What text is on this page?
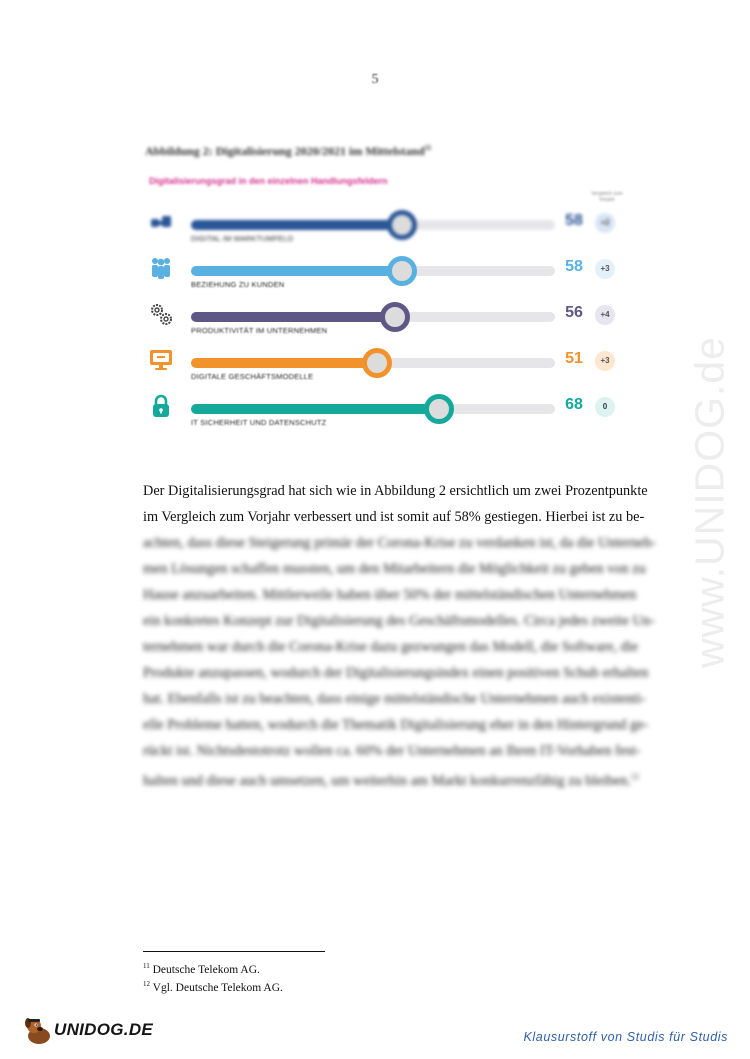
5
Abbildung 2: Digitalisierung 2020/2021 im Mittelstand$^{11}$
Digitalisierungsgrad in den einzelnen Handlungsfeldern
Vergleich zum Vorjahr
DIGITAL IM MARKTUMFELD
58	+2
BEZIEHUNG ZU KUNDEN
58	+3
PRODUKTIVITÄT IM UNTERNEHMEN
56	+4
DIGITALE GESCHÄFTSMODELLE
51	+3
IT SICHERHEIT UND DATENSCHUTZ
68	0
Der Digitalisierungsgrad hat sich wie in Abbildung 2 ersichtlich um zwei Prozentpunkte
im Vergleich zum Vorjahr verbessert und ist somit auf 58% gestiegen. Hierbei ist zu be-
achten, dass diese Steigerung primär der Corona-Krise zu verdanken ist, da die Unterneh-
men Lösungen schaffen mussten, um den Mitarbeitern die Möglichkeit zu geben von zu
Hause anzuarbeiten. Mittlerweile haben über 50% der mittelständischen Unternehmen
ein konkretes Konzept zur Digitalisierung des Geschäftsmodelles. Circa jedes zweite Un-
ternehmen war durch die Corona-Krise dazu gezwungen das Modell, die Software, die
Produkte anzupassen, wodurch der Digitalisierungsindex einen positiven Schub erhalten
hat. Ebenfalls ist zu beachten, dass einige mittelständische Unternehmen auch existenti-
elle Probleme hatten, wodurch die Thematik Digitalisierung eher in den Hintergrund ge-
rückt ist. Nichtsdestotrotz wollen ca. 60% der Unternehmen an Ihren IT-Vorhaben fest-
halten und diese auch umsetzen, um weiterhin am Markt konkurrenzfähig zu bleiben.$^{12}$
$^{11}$ Deutsche Telekom AG.
$^{12}$ Vgl. Deutsche Telekom AG.
www.UNIDOG.de
UNIDOG.DE	Klausurstoff von Studis für Studis
